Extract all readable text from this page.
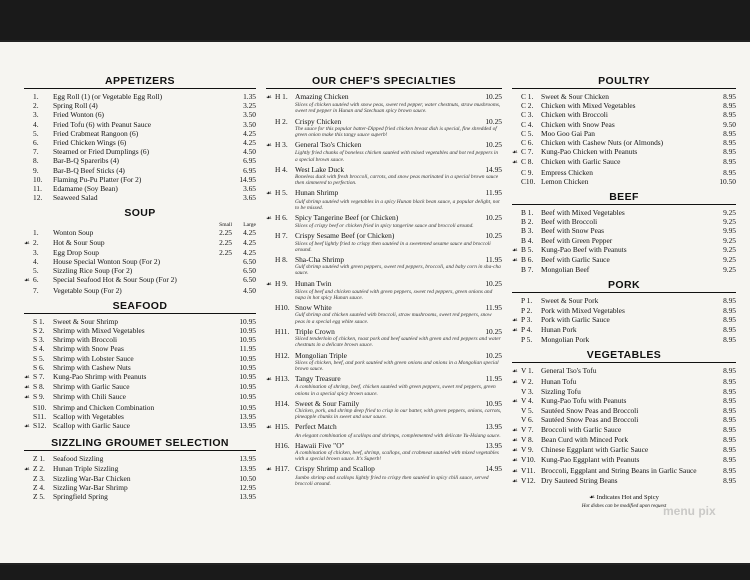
APPETIZERS
1.	Egg Roll (1) (or Vegetable Egg Roll)	1.35
2.	Spring Roll (4)	3.25
3.	Fried Wonton (6)	3.50
4.	Fried Tofu (6) with Peanut Sauce	3.50
5.	Fried Crabmeat Rangoon (6)	4.25
6.	Fried Chicken Wings (6)	4.25
7.	Steamed or Fried Dumplings (6)	4.50
8.	Bar-B-Q Spareribs (4)	6.95
9.	Bar-B-Q Beef Sticks (4)	6.95
10.	Flaming Pu-Pu Platter (For 2)	14.95
11.	Edamame (Soy Bean)	3.65
12.	Seaweed Salad	3.65
SOUP
Small	Large
1.	Wonton Soup	2.25	4.25
☙ 2.	Hot & Sour Soup	2.25	4.25
3.	Egg Drop Soup	2.25	4.25
4.	House Special Wonton Soup (For 2)	6.50
5.	Sizzling Rice Soup (For 2)	6.50
☙ 6.	Special Seafood Hot & Sour Soup (For 2)	6.50
7.	Vegetable Soup (For 2)	4.50
SEAFOOD
S 1.	Sweet & Sour Shrimp	10.95
S 2.	Shrimp with Mixed Vegetables	10.95
S 3.	Shrimp with Broccoli	10.95
S 4.	Shrimp with Snow Peas	11.95
S 5.	Shrimp with Lobster Sauce	10.95
S 6.	Shrimp with Cashew Nuts	10.95
☙ S 7.	Kung-Pao Shrimp with Peanuts	10.95
☙ S 8.	Shrimp with Garlic Sauce	10.95
☙ S 9.	Shrimp with Chili Sauce	10.95
S10. Shrimp and Chicken Combination	10.95
S11. Scallop with Vegetables	13.95
☙ S12. Scallop with Garlic Sauce	13.95
SIZZLING GROUMET SELECTION
Z 1.	Seafood Sizzling	13.95
☙ Z 2.	Hunan Triple Sizzling	13.95
Z 3.	Sizzling War-Bar Chicken	10.50
Z 4.	Sizzling War-Bar Shrimp	12.95
Z 5.	Springfield Spring	13.95
OUR CHEF'S SPECIALTIES
☙ H 1. Amazing Chicken	10.25
Slices of chicken sautéed with snow peas, sweet red pepper, water chestnuts, straw mushrooms, sweet red pepper in Hunan and Szechuan spicy brown sauce.
H 2. Crispy Chicken	10.25
The sauce for this popular batter-Dipped fried chicken breast dish is special, fine shredded of green onion make this tangy sauce superb!
☙ H 3. General Tso's Chicken	10.25
Lightly fried chunks of boneless chicken sautéed with mixed vegetables and hot red peppers in a special brown sauce.
H 4. West Lake Duck	14.95
Boneless duck with fresh broccoli, carrots, and snow peas marinated in a special brown sauce then simmered to perfection.
☙ H 5. Hunan Shrimp	11.95
Gulf shrimp sautéed with vegetables in a spicy Hunan black bean sauce, a popular delight, not to be missed.
☙ H 6. Spicy Tangerine Beef (or Chicken)	10.25
Slices of crispy beef or chicken fried in spicy tangerine sauce and broccoli around.
H 7. Crispy Sesame Beef (or Chicken)	10.25
Slices of beef lightly fried to crispy then sautéed in a sweetened sesame sauce and broccoli around.
H 8. Sha-Cha Shrimp	11.95
Gulf shrimp sautéed with green peppers, sweet red peppers, broccoli, and baby corn in sha-cha sauce.
☙ H 9. Hunan Twin	10.25
Slices of beef and chicken sautéed with green peppers, sweet red peppers, green onions and napa in hot spicy Hunan sauce.
H10. Snow White	11.95
Gulf shrimp and chicken sautéed with broccoli, straw mushrooms, sweet red peppers, snow peas in a special egg white sauce.
H11. Triple Crown	10.25
Sliced tenderloin of chicken, roast pork and beef sautéed with green and red peppers and water chestnuts in a delicate brown sauce.
H12. Mongolian Triple	10.25
Slices of chicken, beef, and pork sautéed with green onions and onions in a Mongolian special brown sauce.
☙ H13. Tangy Treasure	11.95
A combination of shrimp, beef, chicken sautéed with green peppers, sweet red peppers, green onions in a special spicy brown sauce.
H14. Sweet & Sour Family	10.95
Chicken, pork, and shrimp deep fried to crisp in our batter, with green peppers, onions, carrots, pineapple chunks in sweet and sour sauce.
☙ H15. Perfect Match	13.95
An elegant combination of scallops and shrimps, complemented with delicate Yu-Hsiang sauce.
H16. Hawaii Five "O"	13.95
A combination of chicken, beef, shrimp, scallops, and crabmeat sautéed with mixed vegetables with a special brown sauce. It's Superb!
☙ H17. Crispy Shrimp and Scallop	14.95
Jumbo shrimp and scallops lightly fried to crispy then sautéed in spicy chili sauce, served broccoli around.
POULTRY
C 1.	Sweet & Sour Chicken	8.95
C 2.	Chicken with Mixed Vegetables	8.95
C 3.	Chicken with Broccoli	8.95
C 4.	Chicken with Snow Peas	9.50
C 5.	Moo Goo Gai Pan	8.95
C 6.	Chicken with Cashew Nuts (or Almonds)	8.95
☙ C 7.	Kung-Pao Chicken with Peanuts	8.95
☙ C 8.	Chicken with Garlic Sauce	8.95
C 9.	Empress Chicken	8.95
C10. Lemon Chicken	10.50
BEEF
B 1.	Beef with Mixed Vegetables	9.25
B 2.	Beef with Broccoli	9.25
B 3.	Beef with Snow Peas	9.95
B 4.	Beef with Green Pepper	9.25
☙ B 5.	Kung-Pao Beef with Peanuts	9.25
☙ B 6.	Beef with Garlic Sauce	9.25
B 7.	Mongolian Beef	9.25
PORK
P 1.	Sweet & Sour Pork	8.95
P 2.	Pork with Mixed Vegetables	8.95
☙ P 3.	Pork with Garlic Sauce	8.95
☙ P 4.	Hunan Pork	8.95
P 5.	Mongolian Pork	8.95
VEGETABLES
☙ V 1. General Tso's Tofu	8.95
☙ V 2. Hunan Tofu	8.95
V 3. Sizzling Tofu	8.95
☙ V 4. Kung-Pao Tofu with Peanuts	8.95
V 5. Sautéed Snow Peas and Broccoli	8.95
V 6. Sautéed Snow Peas and Broccoli	8.95
☙ V 7. Broccoli with Garlic Sauce	8.95
☙ V 8. Bean Curd with Minced Pork	8.95
☙ V 9. Chinese Eggplant with Garlic Sauce	8.95
☙ V10. Kung-Pao Eggplant with Peanuts	8.95
☙ V11. Broccoli, Eggplant and String Beans in Garlic Sauce	8.95
☙ V12. Dry Sauteed String Beans	8.95
☙ Indicates Hot and Spicy
Hot dishes can be modified upon request
menu pix
